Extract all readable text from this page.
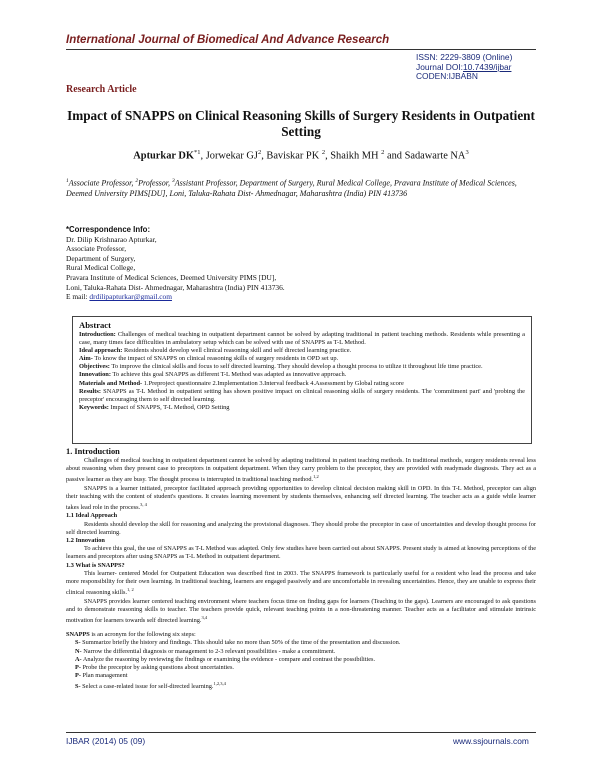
International Journal of Biomedical And Advance Research
ISSN: 2229-3809 (Online)
Journal DOI:10.7439/ijbar
CODEN:IJBABN
Research Article
Impact of SNAPPS on Clinical Reasoning Skills of Surgery Residents in Outpatient Setting
Apturkar DK$^{*1}$, Jorwekar $GJ^2$, Baviskar PK $^2$, Shaikh MH $^2$ and Sadawarte $NA^3$
$^1$Associate Professor, $^2$Professor, $^3$Assistant Professor, Department of Surgery, Rural Medical College, Pravara Institute of Medical Sciences, Deemed University PIMS[DU], Loni, Taluka-Rahata Dist- Ahmednagar, Maharashtra (India) PIN 413736
*Correspondence Info:
Dr. Dilip Krishnarao Apturkar,
Associate Professor,
Department of Surgery,
Rural Medical College,
Pravara Institute of Medical Sciences, Deemed University PIMS [DU],
Loni, Taluka-Rahata Dist- Ahmednagar, Maharashtra (India) PIN 413736.
E mail: drdilipapturkar@gmail.com
Abstract
Introduction: Challenges of medical teaching in outpatient department cannot be solved by adapting traditional in patient teaching methods. Residents while presenting a case, many times face difficulties in ambulatory setup which can be solved with use of SNAPPS as T-L Method.
Ideal approach: Residents should develop well clinical reasoning skill and self directed learning practice.
Aim- To know the impact of SNAPPS on clinical reasoning skills of surgery residents in OPD set up.
Objectives: To improve the clinical skills and focus to self directed learning. They should develop a thought process to utilize it throughout life time practice.
Innovation: To achieve this goal SNAPPS as different T-L Method was adapted as innovative approach.
Materials and Method- 1.Preproject questionnaire 2.Implementation 3.Interval feedback 4.Assessment by Global rating score
Results: SNAPPS as T-L Method in outpatient setting has shown positive impact on clinical reasoning skills of surgery residents. The 'commitment part' and 'probing the preceptor' encouraging them to self directed learning.
Keywords: Impact of SNAPPS, T-L Method, OPD Setting
1. Introduction
Challenges of medical teaching in outpatient department cannot be solved by adapting traditional in patient teaching methods. In traditional methods, surgery residents reveal less about reasoning when they present case to preceptors in outpatient department. When they carry problem to the preceptor, they are provided with readymade diagnosis. They act as a passive learner as they are busy. The thought process is interrupted in traditional teaching method.$^{1,2}$
SNAPPS is a learner initiated, preceptor facilitated approach providing opportunities to develop clinical decision making skill in OPD. In this T-L Method, preceptor can align their teaching with the content of student's questions. It creates learning movement by students themselves, enhancing self directed learning. The teacher acts as a guide while learner takes lead role in the process.$^{3, 4}$
1.1 Ideal Approach
Residents should develop the skill for reasoning and analyzing the provisional diagnoses. They should probe the preceptor in case of uncertainties and develop thought process for self directed learning.
1.2 Innovation
To achieve this goal, the use of SNAPPS as T-L Method was adapted. Only few studies have been carried out about SNAPPS. Present study is aimed at knowing perceptions of the learners and preceptors after using SNAPPS as T-L Method in outpatient department.
1.3 What is SNAPPS?
This learner- centered Model for Outpatient Education was described first in 2003. The SNAPPS framework is particularly useful for a resident who lead the process and take more responsibility for their own learning. In traditional teaching, learners are engaged passively and are uncomfortable in revealing uncertainties. Hence, they are unable to express their clinical reasoning skills.$^{1, 2}$
SNAPPS provides learner centered teaching environment where teachers focus time on finding gaps for learners (Teaching to the gaps). Learners are encouraged to ask questions and to demonstrate reasoning skills to teacher. The teachers provide quick, relevant teaching points in a non-threatening manner. Teacher acts as a facilitator and stimulate intrinsic motivation for learners towards self directed learning.$^{3,4}$
SNAPPS is an acronym for the following six steps:
S- Summarize briefly the history and findings. This should take no more than 50% of the time of the presentation and discussion.
N- Narrow the differential diagnosis or management to 2-3 relevant possibilities - make a commitment.
A- Analyze the reasoning by reviewing the findings or examining the evidence - compare and contrast the possibilities.
P- Probe the preceptor by asking questions about uncertainties.
P- Plan management
S- Select a case-related issue for self-directed learning.$^{1,2,3,4}$
IJBAR (2014) 05 (09)	www.ssjournals.com
